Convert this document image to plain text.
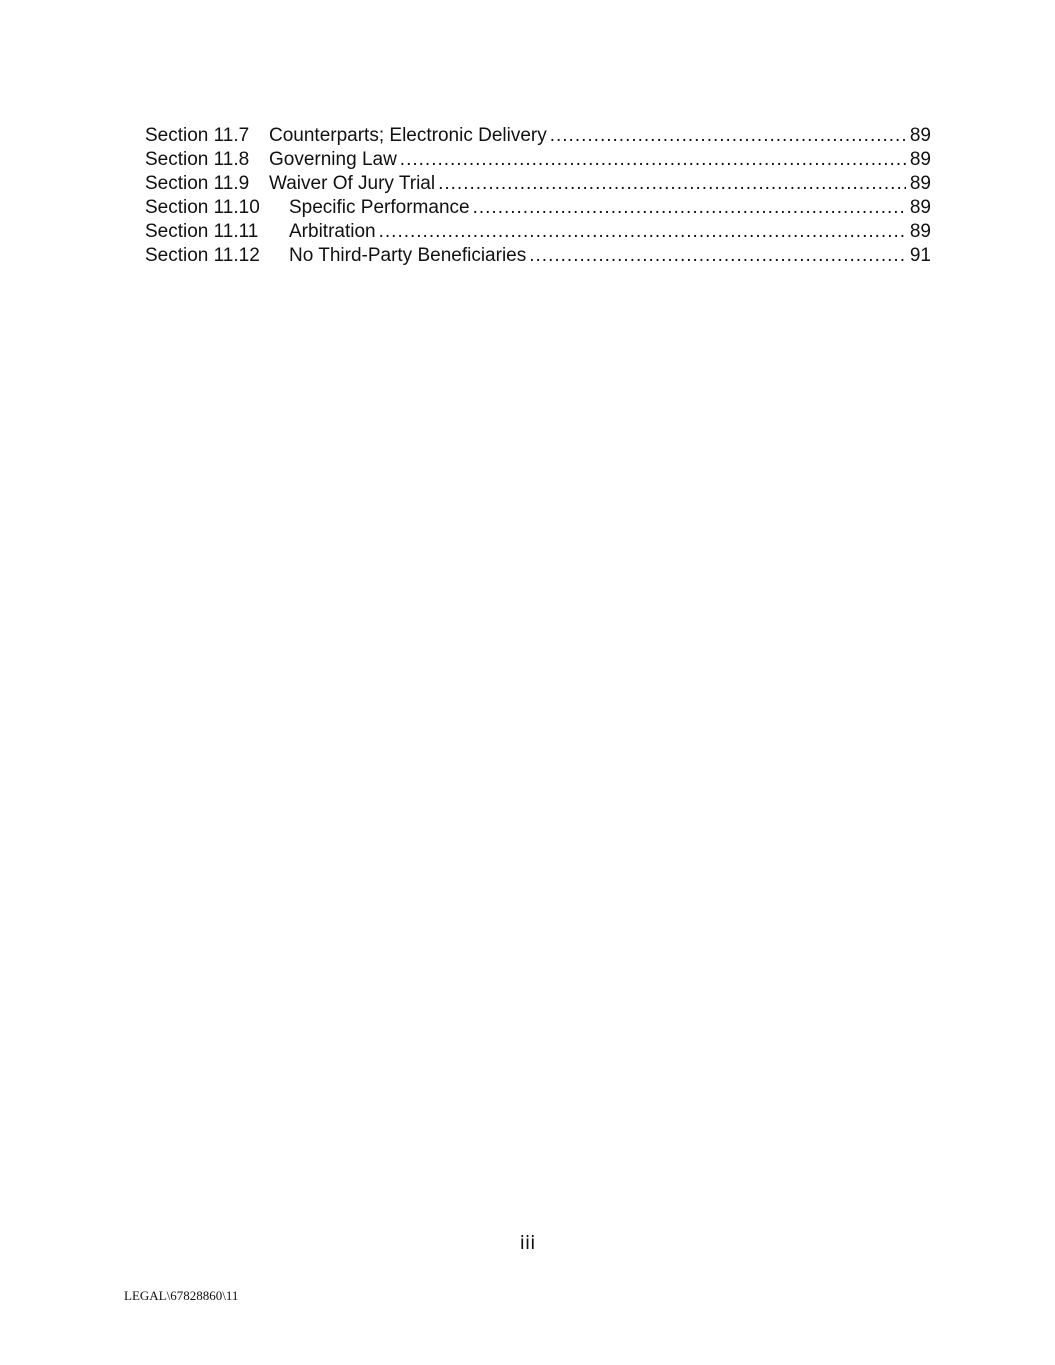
Section 11.7	Counterparts; Electronic Delivery .....	89
Section 11.8	Governing Law .....	89
Section 11.9	Waiver Of Jury Trial .....	89
Section 11.10	Specific Performance .....	89
Section 11.11	Arbitration .....	89
Section 11.12	No Third-Party Beneficiaries .....	91
iii
LEGAL\67828860\11
